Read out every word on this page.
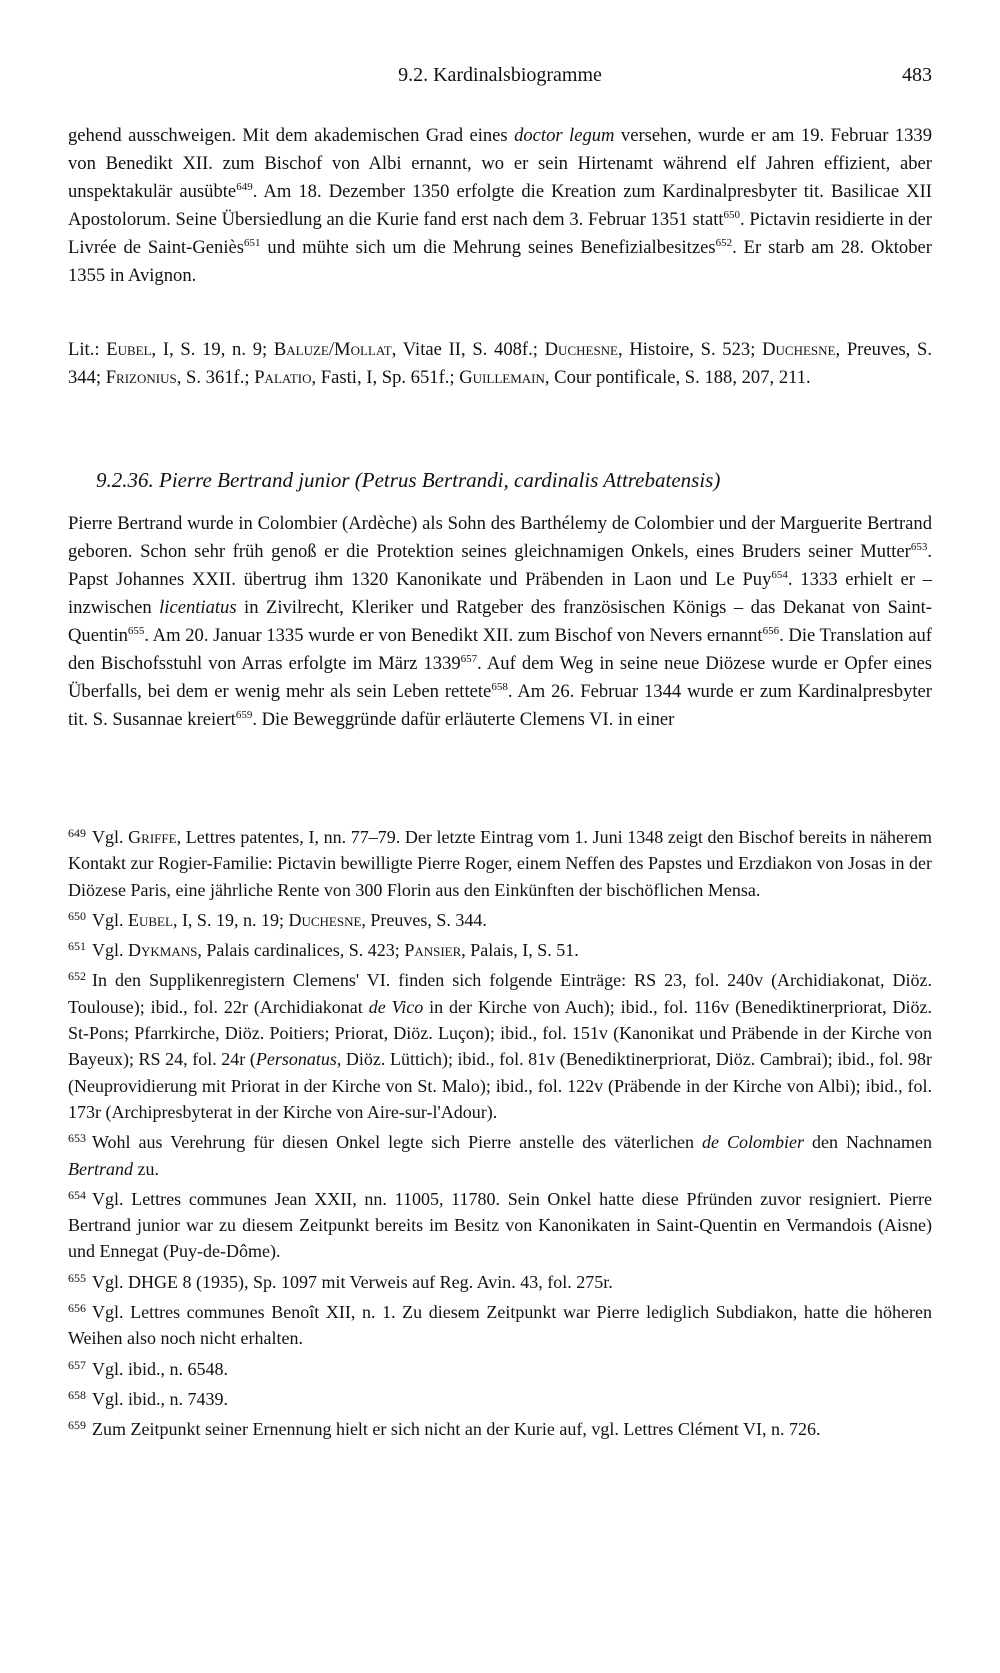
9.2. Kardinalsbiogramme	483

gehend ausschweigen. Mit dem akademischen Grad eines doctor legum versehen, wurde er am 19. Februar 1339 von Benedikt XII. zum Bischof von Albi ernannt, wo er sein Hirtenamt während elf Jahren effizient, aber unspektakulär ausübte$^{649}$. Am 18. Dezember 1350 erfolgte die Kreation zum Kardinalpresbyter tit. Basilicae XII Apostolorum. Seine Übersiedlung an die Kurie fand erst nach dem 3. Februar 1351 statt$^{650}$. Pictavin residierte in der Livrée de Saint-Geniès$^{651}$ und mühte sich um die Mehrung seines Benefizialbesitzes$^{652}$. Er starb am 28. Oktober 1355 in Avignon.

Lit.: Eubel, I, S. 19, n. 9; Baluze/Mollat, Vitae II, S. 408f.; Duchesne, Histoire, S. 523; Duchesne, Preuves, S. 344; Frizonius, S. 361f.; Palatio, Fasti, I, Sp. 651f.; Guillemain, Cour pontificale, S. 188, 207, 211.

9.2.36. Pierre Bertrand junior (Petrus Bertrandi, cardinalis Attrebatensis)

Pierre Bertrand wurde in Colombier (Ardèche) als Sohn des Barthélemy de Colombier und der Marguerite Bertrand geboren. Schon sehr früh genoß er die Protektion seines gleichnamigen Onkels, eines Bruders seiner Mutter$^{653}$. Papst Johannes XXII. übertrug ihm 1320 Kanonikate und Präbenden in Laon und Le Puy$^{654}$. 1333 erhielt er – inzwischen licentiatus in Zivilrecht, Kleriker und Ratgeber des französischen Königs – das Dekanat von Saint-Quentin$^{655}$. Am 20. Januar 1335 wurde er von Benedikt XII. zum Bischof von Nevers ernannt$^{656}$. Die Translation auf den Bischofsstuhl von Arras erfolgte im März 1339$^{657}$. Auf dem Weg in seine neue Diözese wurde er Opfer eines Überfalls, bei dem er wenig mehr als sein Leben rettete$^{658}$. Am 26. Februar 1344 wurde er zum Kardinalpresbyter tit. S. Susannae kreiert$^{659}$. Die Beweggründe dafür erläuterte Clemens VI. in einer

$^{649}$ Vgl. Griffe, Lettres patentes, I, nn. 77–79. Der letzte Eintrag vom 1. Juni 1348 zeigt den Bischof bereits in näherem Kontakt zur Rogier-Familie: Pictavin bewilligte Pierre Roger, einem Neffen des Papstes und Erzdiakon von Josas in der Diözese Paris, eine jährliche Rente von 300 Florin aus den Einkünften der bischöflichen Mensa.

$^{650}$ Vgl. Eubel, I, S. 19, n. 19; Duchesne, Preuves, S. 344.

$^{651}$ Vgl. Dykmans, Palais cardinalices, S. 423; Pansier, Palais, I, S. 51.

$^{652}$ In den Supplikenregistern Clemens' VI. finden sich folgende Einträge: RS 23, fol. 240v (Archidiakonat, Diöz. Toulouse); ibid., fol. 22r (Archidiakonat de Vico in der Kirche von Auch); ibid., fol. 116v (Benediktinerpriorat, Diöz. St-Pons; Pfarrkirche, Diöz. Poitiers; Priorat, Diöz. Luçon); ibid., fol. 151v (Kanonikat und Präbende in der Kirche von Bayeux); RS 24, fol. 24r (Personatus, Diöz. Lüttich); ibid., fol. 81v (Benediktinerpriorat, Diöz. Cambrai); ibid., fol. 98r (Neuprovidierung mit Priorat in der Kirche von St. Malo); ibid., fol. 122v (Präbende in der Kirche von Albi); ibid., fol. 173r (Archipresbyterat in der Kirche von Aire-sur-l'Adour).

$^{653}$ Wohl aus Verehrung für diesen Onkel legte sich Pierre anstelle des väterlichen de Colombier den Nachnamen Bertrand zu.

$^{654}$ Vgl. Lettres communes Jean XXII, nn. 11005, 11780. Sein Onkel hatte diese Pfründen zuvor resigniert. Pierre Bertrand junior war zu diesem Zeitpunkt bereits im Besitz von Kanonikaten in Saint-Quentin en Vermandois (Aisne) und Ennegat (Puy-de-Dôme).

$^{655}$ Vgl. DHGE 8 (1935), Sp. 1097 mit Verweis auf Reg. Avin. 43, fol. 275r.

$^{656}$ Vgl. Lettres communes Benoît XII, n. 1. Zu diesem Zeitpunkt war Pierre lediglich Subdiakon, hatte die höheren Weihen also noch nicht erhalten.

$^{657}$ Vgl. ibid., n. 6548.

$^{658}$ Vgl. ibid., n. 7439.

$^{659}$ Zum Zeitpunkt seiner Ernennung hielt er sich nicht an der Kurie auf, vgl. Lettres Clément VI, n. 726.
